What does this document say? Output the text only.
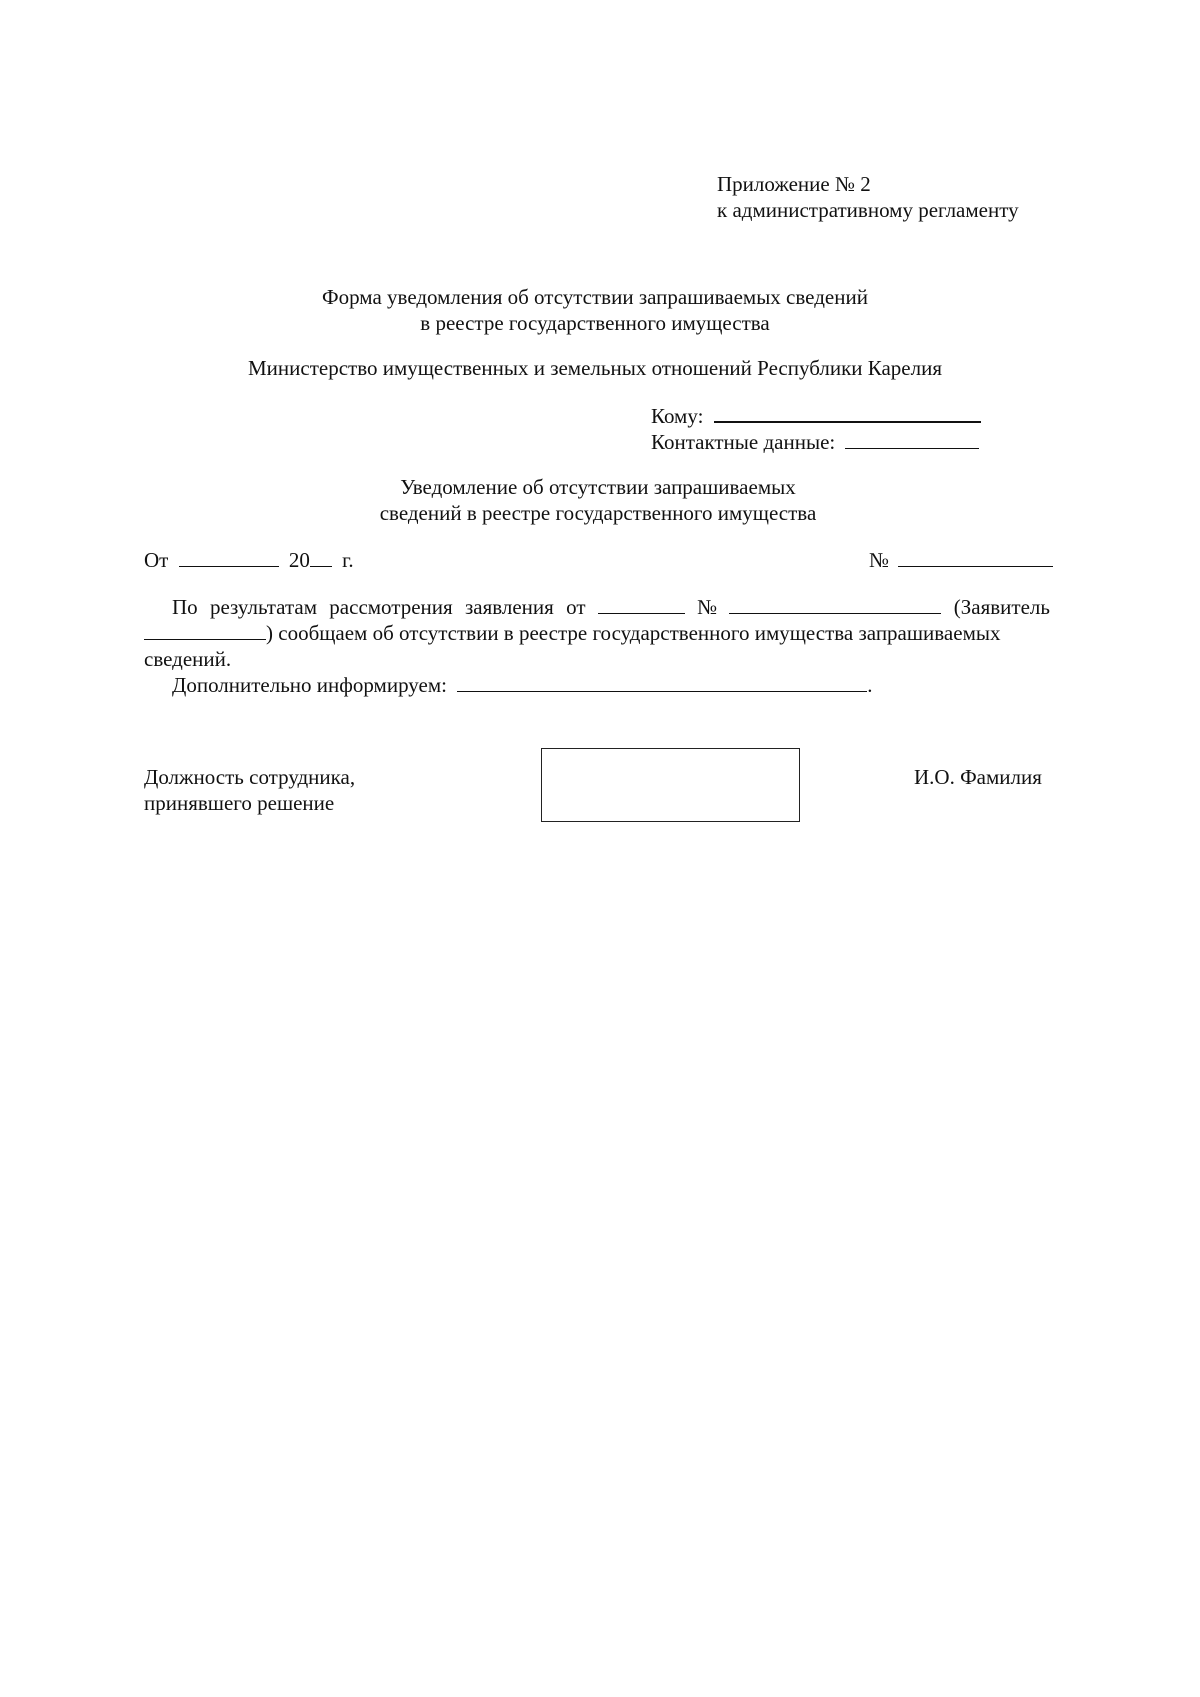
Приложение № 2
к административному регламенту
Форма уведомления об отсутствии запрашиваемых сведений
в реестре государственного имущества
Министерство имущественных и земельных отношений Республики Карелия
Кому:
Контактные данные:
Уведомление об отсутствии запрашиваемых
сведений в реестре государственного имущества
От	20 г.	№
По результатам рассмотрения заявления от	№	(Заявитель
) сообщаем об отсутствии в реестре государственного имущества запрашиваемых
сведений.
Дополнительно информируем:	.
Должность сотрудника,
принявшего решение
И.О. Фамилия
